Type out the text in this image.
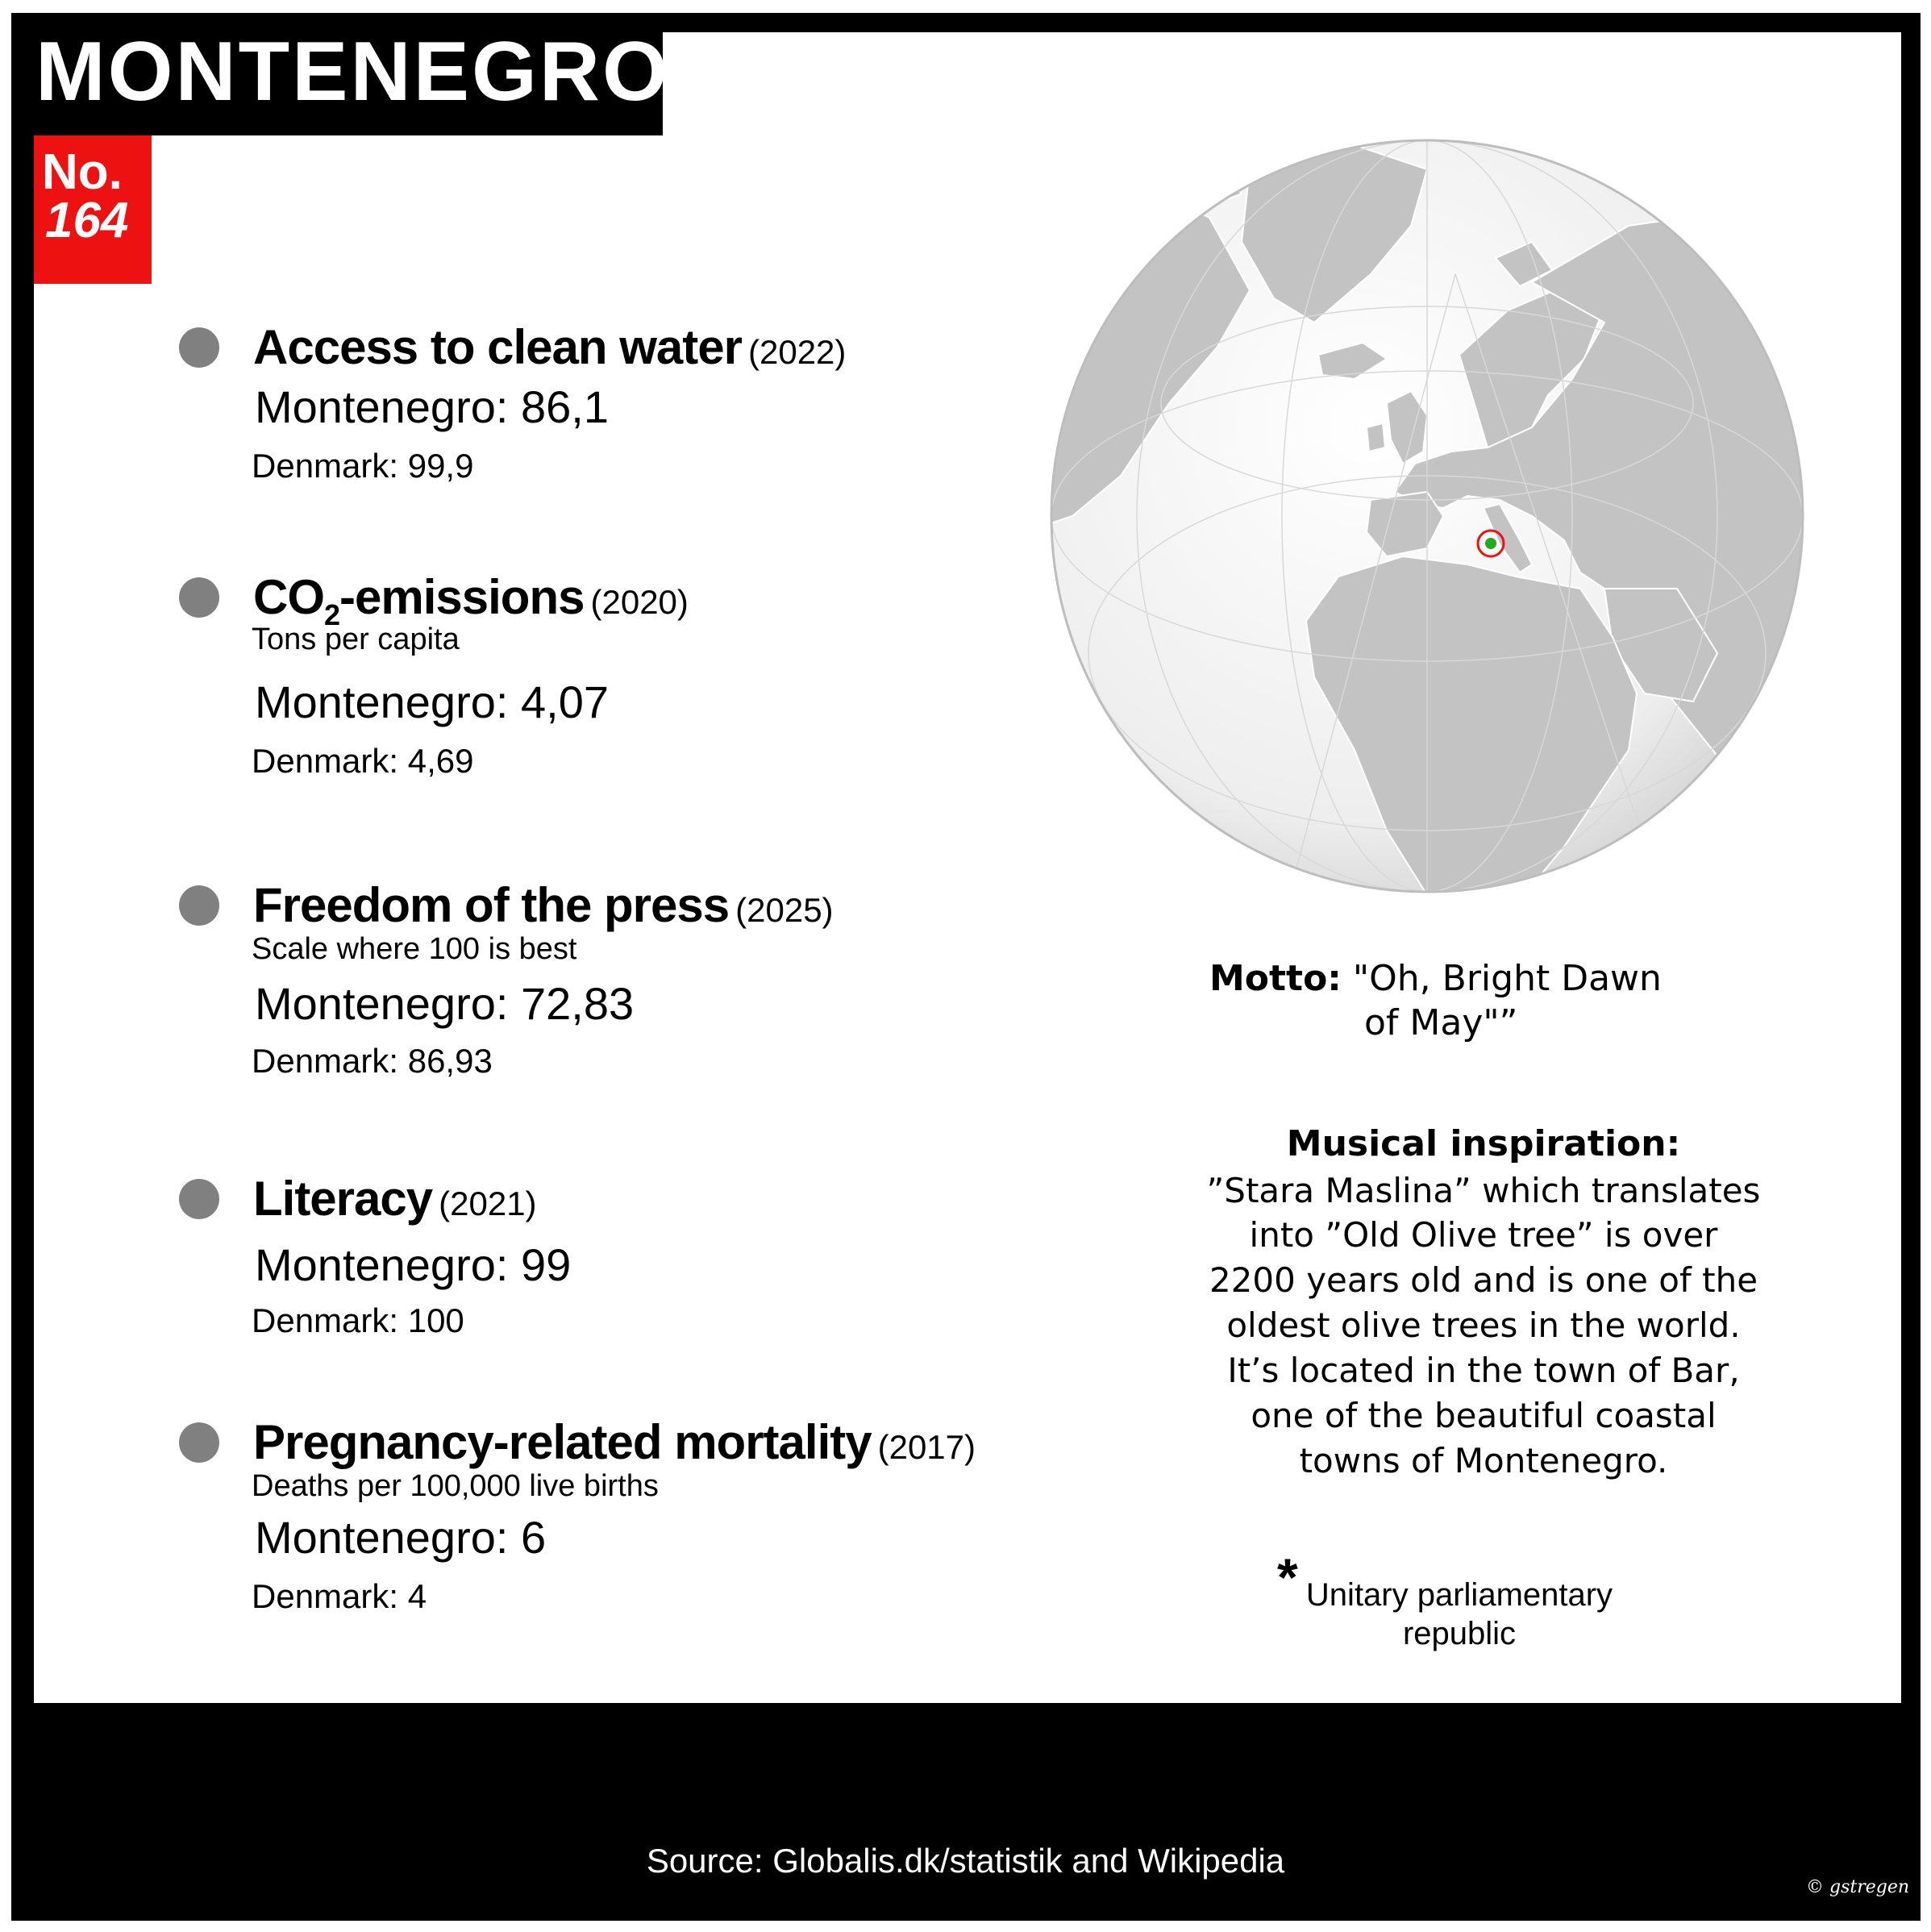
MONTENEGRO
No.
164
Access to clean water (2022)
Montenegro: 86,1
Denmark: 99,9
$CO_2$-emissions (2020)
Tons per capita
Montenegro: 4,07
Denmark: 4,69
Freedom of the press (2025)
Scale where 100 is best
Montenegro: 72,83
Denmark: 86,93
Literacy (2021)
Montenegro: 99
Denmark: 100
Pregnancy-related mortality (2017)
Deaths per 100,000 live births
Montenegro: 6
Denmark: 4
Motto: "Oh, Bright Dawn
of May"”
Musical inspiration:
”Stara Maslina” which translates
into ”Old Olive tree” is over
2200 years old and is one of the
oldest olive trees in the world.
It’s located in the town of Bar,
one of the beautiful coastal
towns of Montenegro.
* Unitary parliamentary republic
Source: Globalis.dk/statistik and Wikipedia
© gstregen
